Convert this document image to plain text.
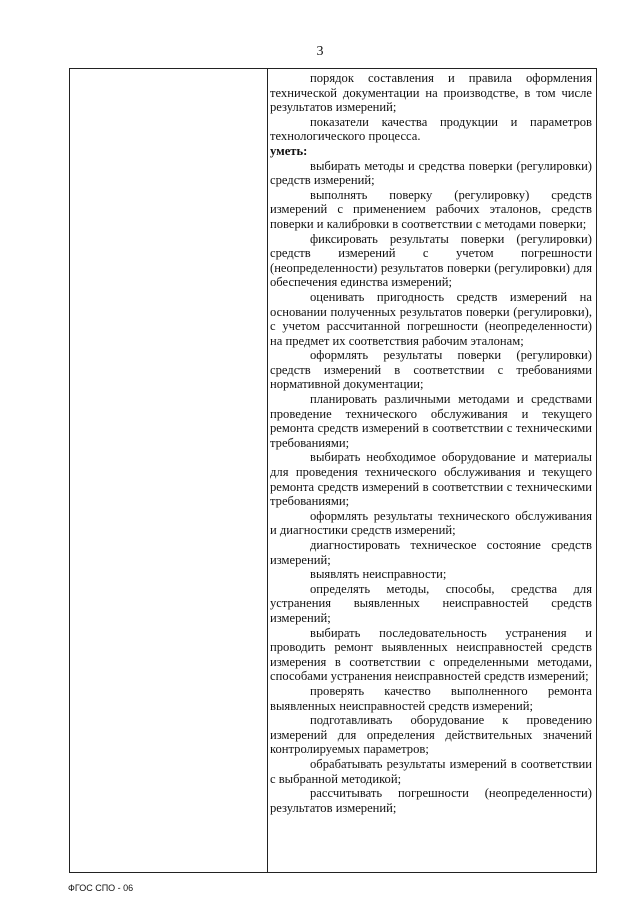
3

порядок составления и правила оформления технической документации на производстве, в том числе результатов измерений;

показатели качества продукции и параметров технологического процесса.

уметь:

выбирать методы и средства поверки (регулировки) средств измерений;

выполнять поверку (регулировку) средств измерений с применением рабочих эталонов, средств поверки и калибровки в соответствии с методами поверки;

фиксировать результаты поверки (регулировки) средств измерений с учетом погрешности (неопределенности) результатов поверки (регулировки) для обеспечения единства измерений;

оценивать пригодность средств измерений на основании полученных результатов поверки (регулировки), с учетом рассчитанной погрешности (неопределенности) на предмет их соответствия рабочим эталонам;

оформлять результаты поверки (регулировки) средств измерений в соответствии с требованиями нормативной документации;

планировать различными методами и средствами проведение технического обслуживания и текущего ремонта средств измерений в соответствии с техническими требованиями;

выбирать необходимое оборудование и материалы для проведения технического обслуживания и текущего ремонта средств измерений в соответствии с техническими требованиями;

оформлять результаты технического обслуживания и диагностики средств измерений;

диагностировать техническое состояние средств измерений;

выявлять неисправности;

определять методы, способы, средства для устранения выявленных неисправностей средств измерений;

выбирать последовательность устранения и проводить ремонт выявленных неисправностей средств измерения в соответствии с определенными методами, способами устранения неисправностей средств измерений;

проверять качество выполненного ремонта выявленных неисправностей средств измерений;

подготавливать оборудование к проведению измерений для определения действительных значений контролируемых параметров;

обрабатывать результаты измерений в соответствии с выбранной методикой;

рассчитывать погрешности (неопределенности) результатов измерений;

ФГОС СПО - 06
